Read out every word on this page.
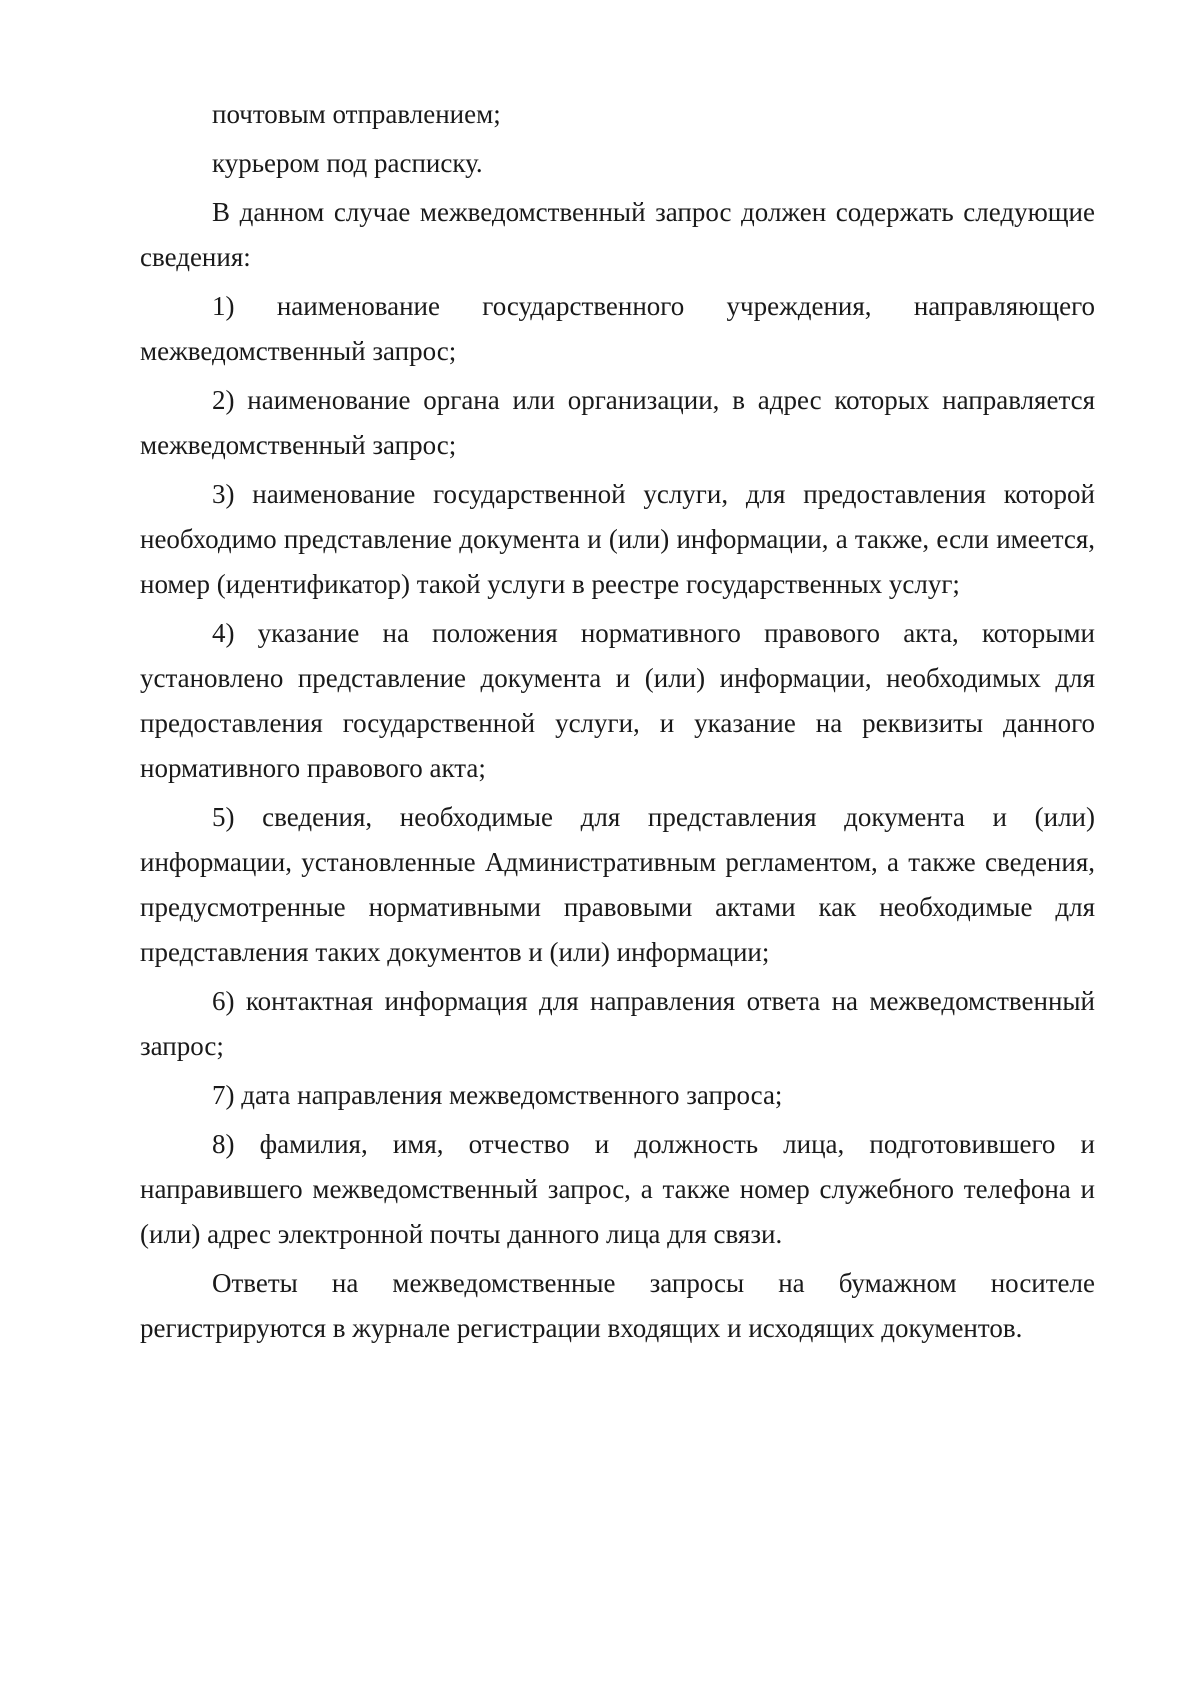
почтовым отправлением;

курьером под расписку.

В данном случае межведомственный запрос должен содержать следующие сведения:

1) наименование государственного учреждения, направляющего межведомственный запрос;

2) наименование органа или организации, в адрес которых направляется межведомственный запрос;

3) наименование государственной услуги, для предоставления которой необходимо представление документа и (или) информации, а также, если имеется, номер (идентификатор) такой услуги в реестре государственных услуг;

4) указание на положения нормативного правового акта, которыми установлено представление документа и (или) информации, необходимых для предоставления государственной услуги, и указание на реквизиты данного нормативного правового акта;

5) сведения, необходимые для представления документа и (или) информации, установленные Административным регламентом, а также сведения, предусмотренные нормативными правовыми актами как необходимые для представления таких документов и (или) информации;

6) контактная информация для направления ответа на межведомственный запрос;

7) дата направления межведомственного запроса;

8) фамилия, имя, отчество и должность лица, подготовившего и направившего межведомственный запрос, а также номер служебного телефона и (или) адрес электронной почты данного лица для связи.

Ответы на межведомственные запросы на бумажном носителе регистрируются в журнале регистрации входящих и исходящих документов.
